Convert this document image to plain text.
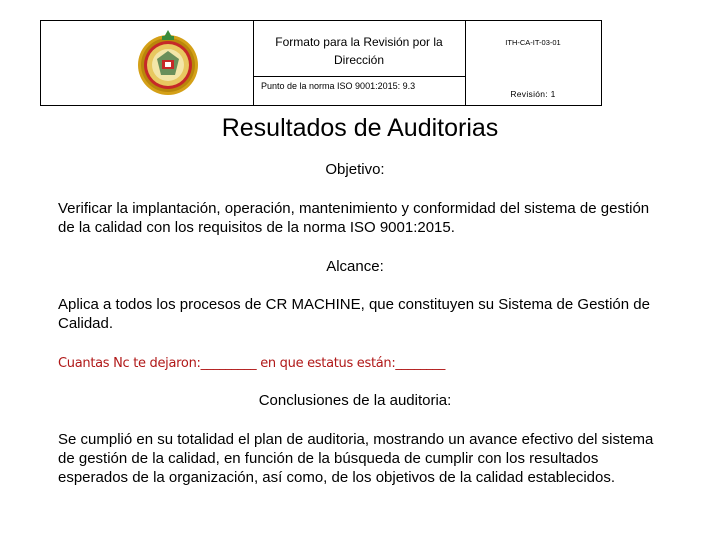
Formato para la Revisión por la Dirección
Punto de la norma ISO 9001:2015: 9.3
ITH-CA-IT-03-01
Revisión: 1
Resultados de Auditorias
Objetivo:
Verificar la implantación, operación, mantenimiento y conformidad del sistema de gestión de la calidad con los requisitos de la norma ISO 9001:2015.
Alcance:
Aplica a todos los procesos de CR MACHINE, que constituyen su Sistema de Gestión de Calidad.
Cuantas Nc te dejaron:_________ en que estatus están:________
Conclusiones de la auditoria:
Se cumplió en su totalidad el plan de auditoria, mostrando un avance efectivo del sistema de gestión de la calidad, en función de la búsqueda de cumplir con los resultados esperados de la organización, así como, de los objetivos de la calidad establecidos.
